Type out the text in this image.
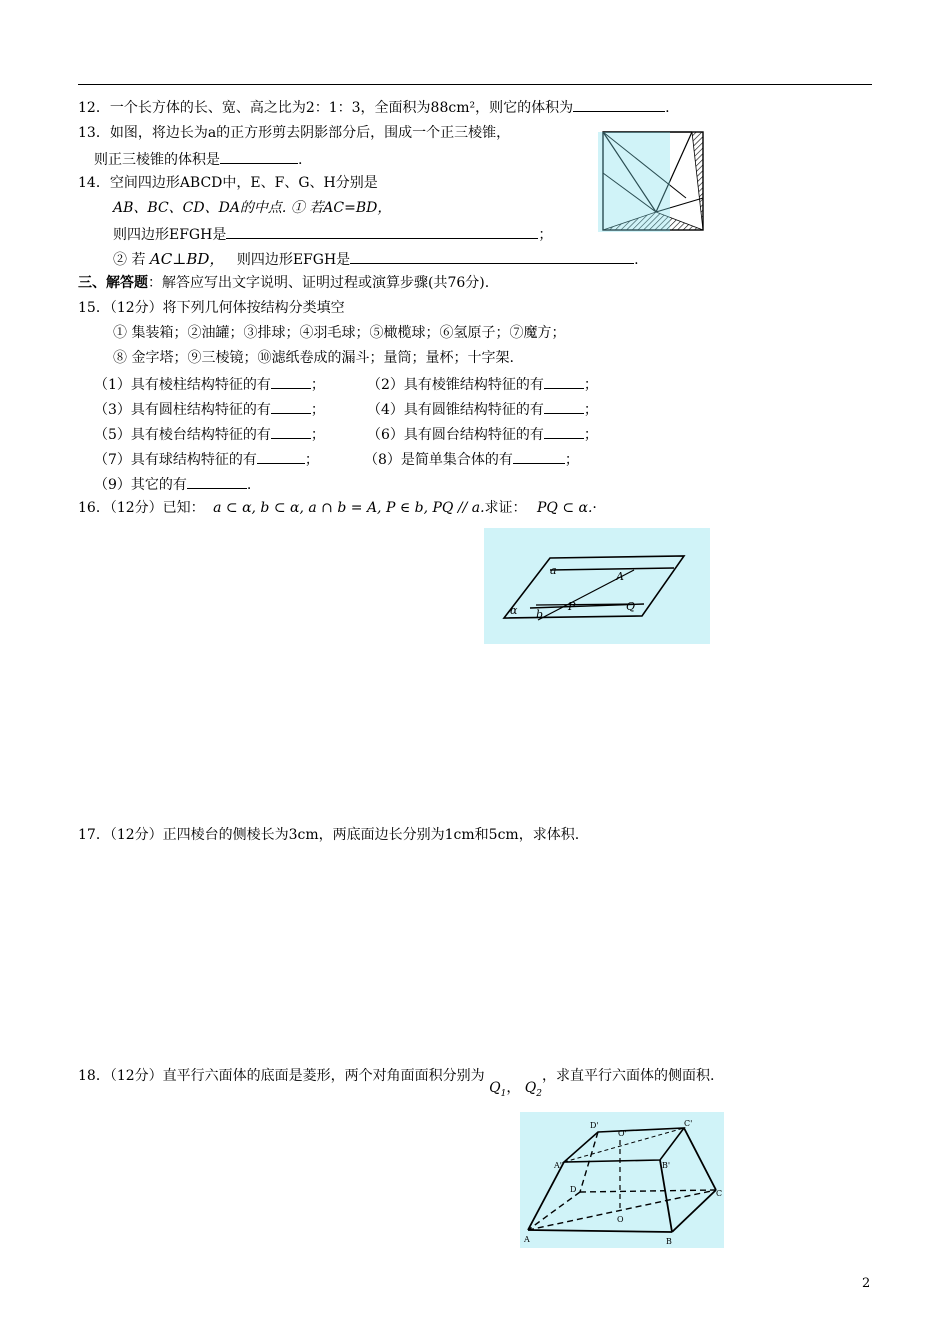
12．一个长方体的长、宽、高之比为2：1：3，全面积为88cm²，则它的体积为	.
13．如图，将边长为a的正方形剪去阴影部分后，围成一个正三棱锥，
则正三棱锥的体积是	.
14．空间四边形ABCD中，E、F、G、H分别是
AB、BC、CD、DA的中点. ① 若AC=BD，
则四边形EFGH是	；
② 若 AC⊥BD， 则四边形EFGH是	.
三、解答题：解答应写出文字说明、证明过程或演算步骤(共76分).
15．（12分）将下列几何体按结构分类填空
① 集装箱；②油罐；③排球；④羽毛球；⑤橄榄球；⑥氢原子；⑦魔方；
⑧ 金字塔；⑨三棱镜；⑩滤纸卷成的漏斗；量筒；量杯；十字架.
（1）具有棱柱结构特征的有	；	（2）具有棱锥结构特征的有	；
（3）具有圆柱结构特征的有	；	（4）具有圆锥结构特征的有	；
（5）具有棱台结构特征的有	；	（6）具有圆台结构特征的有	；
（7）具有球结构特征的有	；	（8）是简单集合体的有	；
（9）其它的有	.
16．（12分）已知： a ⊂ α, b ⊂ α, a ∩ b = A, P ∈ b, PQ // a.求证： PQ ⊂ α.·
a	A
b
P	Q
α
17．（12分）正四棱台的侧棱长为3cm，两底面边长分别为1cm和5cm，求体积.
18．（12分）直平行六面体的底面是菱形，两个对角面面积分别为 $Q_1$， $Q_2$，求直平行六面体的侧面积.
D'
O'
C'
A'	B'
D	C
O
A	B
2
